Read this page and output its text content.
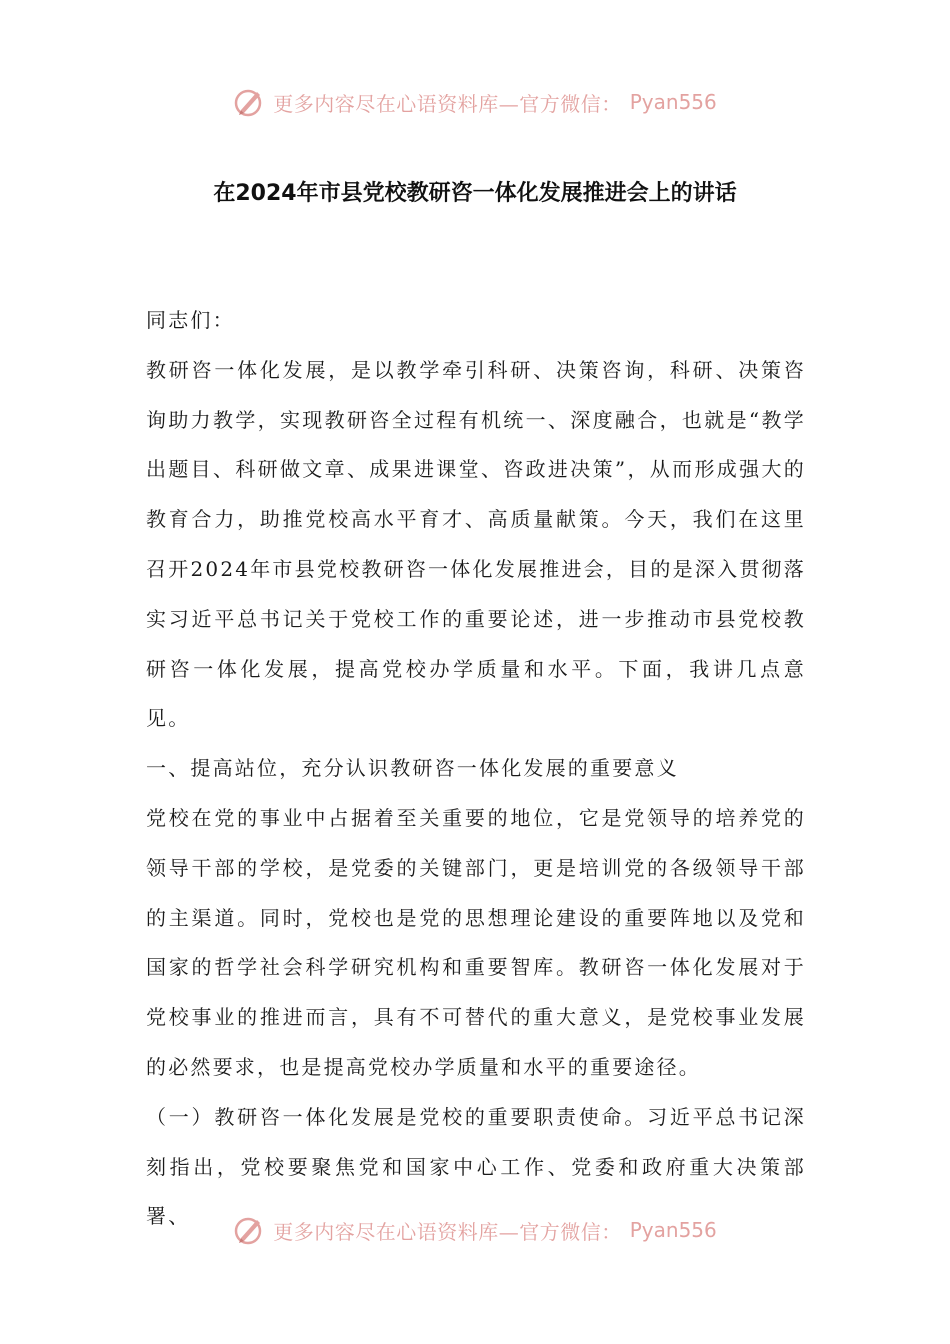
更多内容尽在心语资料库—官方微信： Pyan556
在2024年市县党校教研咨一体化发展推进会上的讲话

同志们：

教研咨一体化发展，是以教学牵引科研、决策咨询，科研、决策咨询助力教学，实现教研咨全过程有机统一、深度融合，也就是“教学出题目、科研做文章、成果进课堂、咨政进决策”，从而形成强大的教育合力，助推党校高水平育才、高质量献策。今天，我们在这里召开2024年市县党校教研咨一体化发展推进会，目的是深入贯彻落实习近平总书记关于党校工作的重要论述，进一步推动市县党校教研咨一体化发展，提高党校办学质量和水平。下面，我讲几点意见。

一、提高站位，充分认识教研咨一体化发展的重要意义

党校在党的事业中占据着至关重要的地位，它是党领导的培养党的领导干部的学校，是党委的关键部门，更是培训党的各级领导干部的主渠道。同时，党校也是党的思想理论建设的重要阵地以及党和国家的哲学社会科学研究机构和重要智库。教研咨一体化发展对于党校事业的推进而言，具有不可替代的重大意义，是党校事业发展的必然要求，也是提高党校办学质量和水平的重要途径。

（一）教研咨一体化发展是党校的重要职责使命。习近平总书记深刻指出，党校要聚焦党和国家中心工作、党委和政府重大决策部署、

更多内容尽在心语资料库—官方微信： Pyan556
